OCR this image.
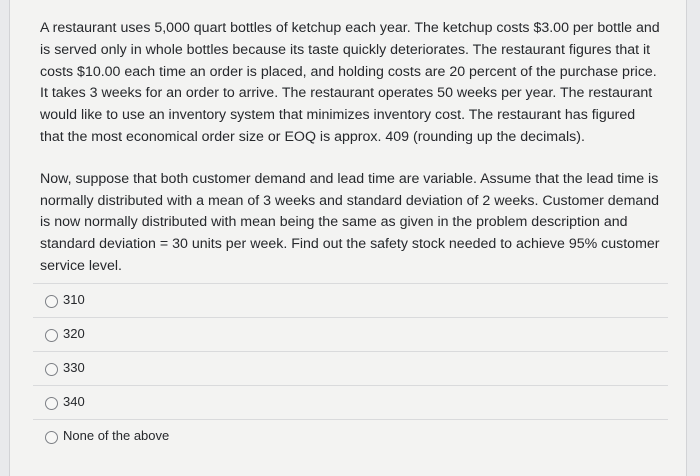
A restaurant uses 5,000 quart bottles of ketchup each year. The ketchup costs $3.00 per bottle and
is served only in whole bottles because its taste quickly deteriorates. The restaurant figures that it
costs $10.00 each time an order is placed, and holding costs are 20 percent of the purchase price.
It takes 3 weeks for an order to arrive. The restaurant operates 50 weeks per year. The restaurant
would like to use an inventory system that minimizes inventory cost. The restaurant has figured
that the most economical order size or EOQ is approx. 409 (rounding up the decimals).

Now, suppose that both customer demand and lead time are variable. Assume that the lead time is
normally distributed with a mean of 3 weeks and standard deviation of 2 weeks. Customer demand
is now normally distributed with mean being the same as given in the problem description and
standard deviation = 30 units per week. Find out the safety stock needed to achieve 95% customer
service level.

310
320
330
340
None of the above
